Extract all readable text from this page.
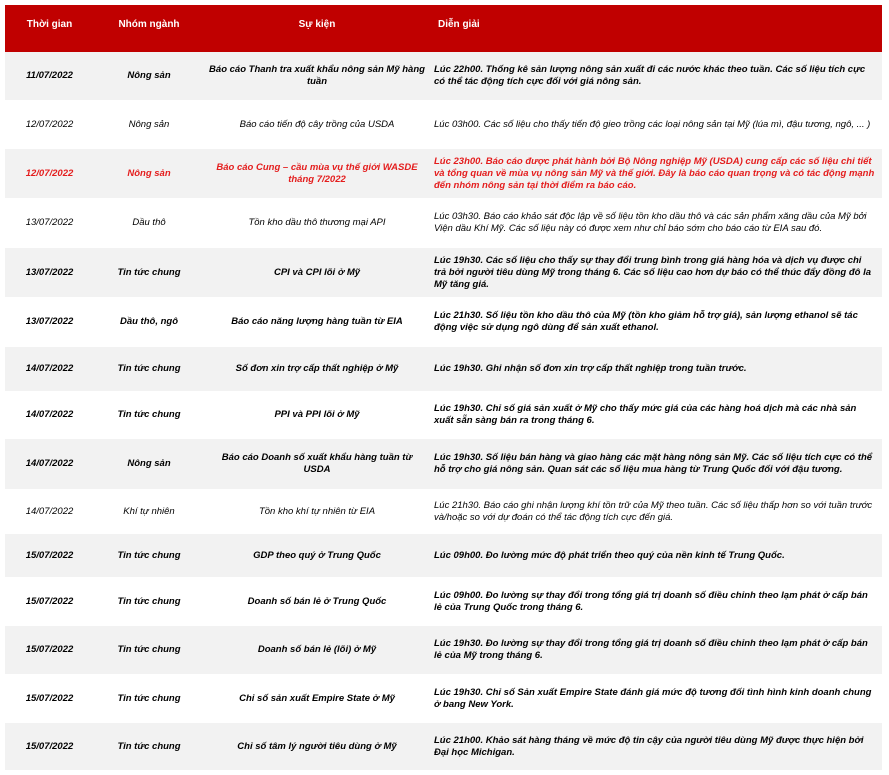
Thời gian	Nhóm ngành	Sự kiện	Diễn giải
11/07/2022	Nông sản	Báo cáo Thanh tra xuất khẩu nông sản Mỹ hàng tuần	Lúc 22h00. Thống kê sản lượng nông sản xuất đi các nước khác theo tuần. Các số liệu tích cực có thể tác động tích cực đối với giá nông sản.
12/07/2022	Nông sản	Báo cáo tiến độ cây trồng của USDA	Lúc 03h00. Các số liệu cho thấy tiến độ gieo trồng các loại nông sản tại Mỹ (lúa mì, đậu tương, ngô, ... )
12/07/2022	Nông sản	Báo cáo Cung – cầu mùa vụ thế giới WASDE tháng 7/2022	Lúc 23h00. Báo cáo được phát hành bởi Bộ Nông nghiệp Mỹ (USDA) cung cấp các số liệu chi tiết và tổng quan về mùa vụ nông sản Mỹ và thế giới. Đây là báo cáo quan trọng và có tác động mạnh đến nhóm nông sản tại thời điểm ra báo cáo.
13/07/2022	Dầu thô	Tồn kho dầu thô thương mại API	Lúc 03h30. Báo cáo khảo sát độc lập về số liệu tồn kho dầu thô và các sản phẩm xăng dầu của Mỹ bởi Viện dầu Khí Mỹ. Các số liệu này có được xem như chỉ báo sớm cho báo cáo từ EIA sau đó.
13/07/2022	Tin tức chung	CPI và CPI lõi ở Mỹ	Lúc 19h30. Các số liệu cho thấy sự thay đổi trung bình trong giá hàng hóa và dịch vụ được chi trả bởi người tiêu dùng Mỹ trong tháng 6. Các số liệu cao hơn dự báo có thể thúc đẩy đồng đô la Mỹ tăng giá.
13/07/2022	Dầu thô, ngô	Báo cáo năng lượng hàng tuần từ EIA	Lúc 21h30. Số liệu tồn kho dầu thô của Mỹ (tồn kho giảm hỗ trợ giá), sản lượng ethanol sẽ tác động việc sử dụng ngô dùng để sản xuất ethanol.
14/07/2022	Tin tức chung	Số đơn xin trợ cấp thất nghiệp ở Mỹ	Lúc 19h30. Ghi nhận số đơn xin trợ cấp thất nghiệp trong tuần trước.
14/07/2022	Tin tức chung	PPI và PPI lõi ở Mỹ	Lúc 19h30. Chỉ số giá sản xuất ở Mỹ cho thấy mức giá của các hàng hoá dịch mà các nhà sản xuất sẵn sàng bán ra trong tháng 6.
14/07/2022	Nông sản	Báo cáo Doanh số xuất khẩu hàng tuần từ USDA	Lúc 19h30. Số liệu bán hàng và giao hàng các mặt hàng nông sản Mỹ. Các số liệu tích cực có thể hỗ trợ cho giá nông sản. Quan sát các số liệu mua hàng từ Trung Quốc đối với đậu tương.
14/07/2022	Khí tự nhiên	Tồn kho khí tự nhiên từ EIA	Lúc 21h30. Báo cáo ghi nhận lượng khí tồn trữ của Mỹ theo tuần. Các số liệu thấp hơn so với tuần trước và/hoặc so với dự đoán có thể tác động tích cực đến giá.
15/07/2022	Tin tức chung	GDP theo quý ở Trung Quốc	Lúc 09h00. Đo lường mức độ phát triển theo quý của nền kinh tế Trung Quốc.
15/07/2022	Tin tức chung	Doanh số bán lẻ ở Trung Quốc	Lúc 09h00. Đo lường sự thay đổi trong tổng giá trị doanh số điều chỉnh theo lạm phát ở cấp bán lẻ của Trung Quốc trong tháng 6.
15/07/2022	Tin tức chung	Doanh số bán lẻ (lõi) ở Mỹ	Lúc 19h30. Đo lường sự thay đổi trong tổng giá trị doanh số điều chỉnh theo lạm phát ở cấp bán lẻ của Mỹ trong tháng 6.
15/07/2022	Tin tức chung	Chỉ số sản xuất Empire State ở Mỹ	Lúc 19h30. Chỉ số Sản xuất Empire State đánh giá mức độ tương đối tình hình kinh doanh chung ở bang New York.
15/07/2022	Tin tức chung	Chỉ số tâm lý người tiêu dùng ở Mỹ	Lúc 21h00. Khảo sát hàng tháng về mức độ tin cậy của người tiêu dùng Mỹ được thực hiện bởi Đại học Michigan.
